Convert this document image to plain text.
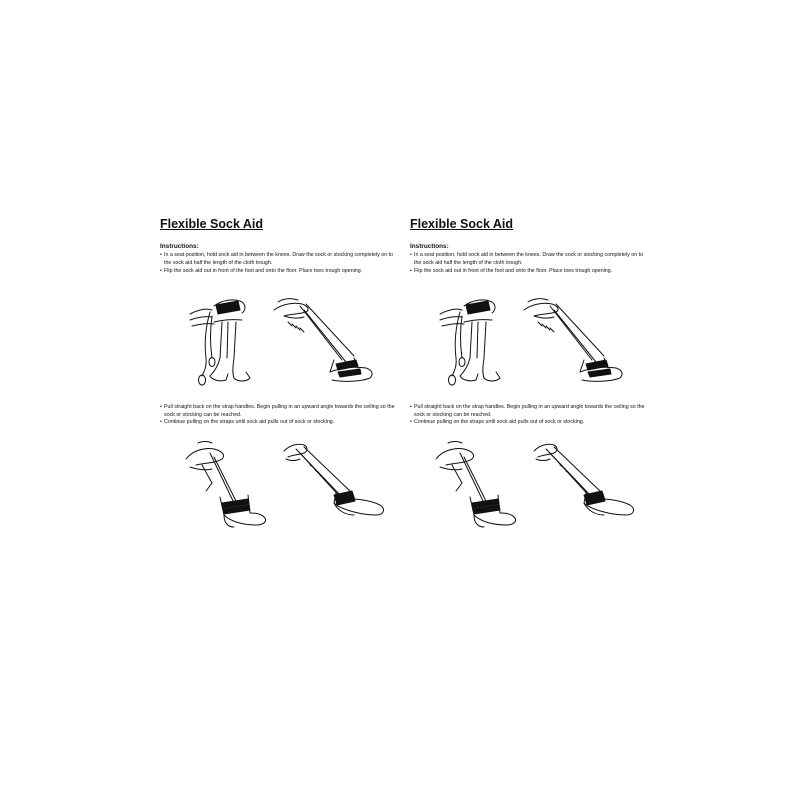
Flexible Sock Aid
Instructions:
• In a seat position, hold sock aid in between the knees. Draw the sock or stocking completely on to the sock aid half the length of the cloth trough.
• Flip the sock aid out in front of the foot and onto the floor. Place toes trough opening.
• Pull straight back on the strap handles. Begin pulling in an upward angle towards the ceiling so the sock or stocking can be reached.
• Continue pulling on the straps until sock aid pulls out of sock or stocking.
Flexible Sock Aid
Instructions:
• In a seat position, hold sock aid in between the knees. Draw the sock or stocking completely on to the sock aid half the length of the cloth trough.
• Flip the sock aid out in front of the foot and onto the floor. Place toes trough opening.
• Pull straight back on the strap handles. Begin pulling in an upward angle towards the ceiling so the sock or stocking can be reached.
• Continue pulling on the straps until sock aid pulls out of sock or stocking.
